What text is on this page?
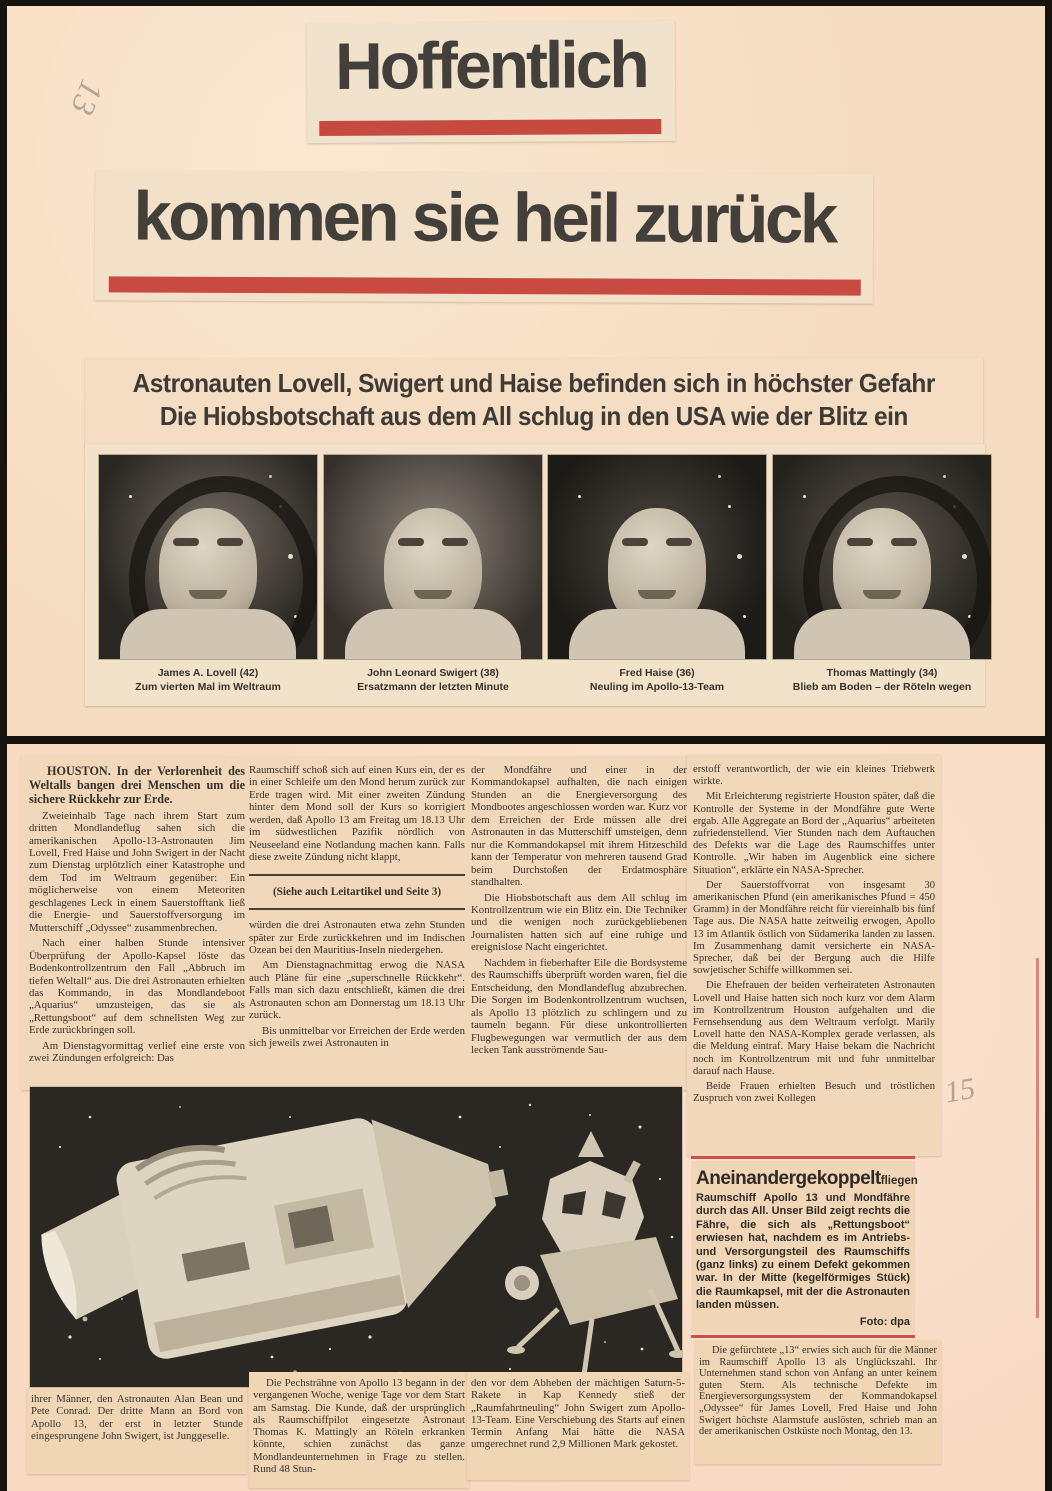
13	Hoffentlich
kommen sie heil zurück
Astronauten Lovell, Swigert und Haise befinden sich in höchster Gefahr
Die Hiobsbotschaft aus dem All schlug in den USA wie der Blitz ein
James A. Lovell (42)
Zum vierten Mal im Weltraum
John Leonard Swigert (38)
Ersatzmann der letzten Minute
Fred Haise (36)
Neuling im Apollo-13-Team
Thomas Mattingly (34)
Blieb am Boden – der Röteln wegen

HOUSTON. In der Verlorenheit des Weltalls bangen drei Menschen um die sichere Rückkehr zur Erde.

Zweieinhalb Tage nach ihrem Start zum dritten Mondlandeflug sahen sich die amerikanischen Apollo-13-Astronauten Jim Lovell, Fred Haise und John Swigert in der Nacht zum Dienstag urplötzlich einer Katastrophe und dem Tod im Weltraum gegenüber: Ein möglicherweise von einem Meteoriten geschlagenes Leck in einem Sauerstofftank ließ die Energie- und Sauerstoffversorgung im Mutterschiff „Odyssee“ zusammenbrechen.

Nach einer halben Stunde intensiver Überprüfung der Apollo-Kapsel löste das Bodenkontrollzentrum den Fall „Abbruch im tiefen Weltall“ aus. Die drei Astronauten erhielten das Kommando, in das Mondlandeboot „Aquarius“ umzusteigen, das sie als „Rettungsboot“ auf dem schnellsten Weg zur Erde zurückbringen soll.

Am Dienstagvormittag verlief eine erste von zwei Zündungen erfolgreich: Das

Raumschiff schoß sich auf einen Kurs ein, der es in einer Schleife um den Mond herum zurück zur Erde tragen wird. Mit einer zweiten Zündung hinter dem Mond soll der Kurs so korrigiert werden, daß Apollo 13 am Freitag um 18.13 Uhr im südwestlichen Pazifik nördlich von Neuseeland eine Notlandung machen kann. Falls diese zweite Zündung nicht klappt,

(Siehe auch Leitartikel und Seite 3)

würden die drei Astronauten etwa zehn Stunden später zur Erde zurückkehren und im Indischen Ozean bei den Mauritius-Inseln niedergehen.

Am Dienstagnachmittag erwog die NASA auch Pläne für eine „superschnelle Rückkehr“. Falls man sich dazu entschließt, kämen die drei Astronauten schon am Donnerstag um 18.13 Uhr zurück.

Bis unmittelbar vor Erreichen der Erde werden sich jeweils zwei Astronauten in

der Mondfähre und einer in der Kommandokapsel aufhalten, die nach einigen Stunden an die Energieversorgung des Mondbootes angeschlossen worden war. Kurz vor dem Erreichen der Erde müssen alle drei Astronauten in das Mutterschiff umsteigen, denn nur die Kommandokapsel mit ihrem Hitzeschild kann der Temperatur von mehreren tausend Grad beim Durchstoßen der Erdatmosphäre standhalten.

Die Hiobsbotschaft aus dem All schlug im Kontrollzentrum wie ein Blitz ein. Die Techniker und die wenigen noch zurückgebliebenen Journalisten hatten sich auf eine ruhige und ereignislose Nacht eingerichtet.

Nachdem in fieberhafter Eile die Bordsysteme des Raumschiffs überprüft worden waren, fiel die Entscheidung, den Mondlandeflug abzubrechen. Die Sorgen im Bodenkontrollzentrum wuchsen, als Apollo 13 plötzlich zu schlingern und zu taumeln begann. Für diese unkontrollierten Flugbewegungen war vermutlich der aus dem lecken Tank ausströmende Sau-

erstoff verantwortlich, der wie ein kleines Triebwerk wirkte.

Mit Erleichterung registrierte Houston später, daß die Kontrolle der Systeme in der Mondfähre gute Werte ergab. Alle Aggregate an Bord der „Aquarius“ arbeiteten zufriedenstellend. Vier Stunden nach dem Auftauchen des Defekts war die Lage des Raumschiffes unter Kontrolle. „Wir haben im Augenblick eine sichere Situation“, erklärte ein NASA-Sprecher.

Der Sauerstoffvorrat von insgesamt 30 amerikanischen Pfund (ein amerikanisches Pfund = 450 Gramm) in der Mondfähre reicht für viereinhalb bis fünf Tage aus. Die NASA hatte zeitweilig erwogen, Apollo 13 im Atlantik östlich von Südamerika landen zu lassen. Im Zusammenhang damit versicherte ein NASA-Sprecher, daß bei der Bergung auch die Hilfe sowjetischer Schiffe willkommen sei.

Die Ehefrauen der beiden verheirateten Astronauten Lovell und Haise hatten sich noch kurz vor dem Alarm im Kontrollzentrum Houston aufgehalten und die Fernsehsendung aus dem Weltraum verfolgt. Marily Lovell hatte den NASA-Komplex gerade verlassen, als die Meldung eintraf. Mary Haise bekam die Nachricht noch im Kontrollzentrum mit und fuhr unmittelbar darauf nach Hause.

Beide Frauen erhielten Besuch und tröstlichen Zuspruch von zwei Kollegen

Aneinandergekoppelt fliegen

Raumschiff Apollo 13 und Mondfähre durch das All. Unser Bild zeigt rechts die Fähre, die sich als „Rettungsboot“ erwiesen hat, nachdem es im Antriebs- und Versorgungsteil des Raumschiffs (ganz links) zu einem Defekt gekommen war. In der Mitte (kegelförmiges Stück) die Raumkapsel, mit der die Astronauten landen müssen.

Foto: dpa

ihrer Männer, den Astronauten Alan Bean und Pete Conrad. Der dritte Mann an Bord von Apollo 13, der erst in letzter Stunde eingesprungene John Swigert, ist Junggeselle.

Die Pechsträhne von Apollo 13 begann in der vergangenen Woche, wenige Tage vor dem Start am Samstag. Die Kunde, daß der ursprünglich als Raumschiffpilot eingesetzte Astronaut Thomas K. Mattingly an Röteln erkranken könnte, schien zunächst das ganze Mondlandeunternehmen in Frage zu stellen. Rund 48 Stun-

den vor dem Abheben der mächtigen Saturn-5-Rakete in Kap Kennedy stieß der „Raumfahrtneuling“ John Swigert zum Apollo-13-Team. Eine Verschiebung des Starts auf einen Termin Anfang Mai hätte die NASA umgerechnet rund 2,9 Millionen Mark gekostet.

Die gefürchtete „13“ erwies sich auch für die Männer im Raumschiff Apollo 13 als Unglückszahl. Ihr Unternehmen stand schon von Anfang an unter keinem guten Stern. Als technische Defekte im Energieversorgungssystem der Kommandokapsel „Odyssee“ für James Lovell, Fred Haise und John Swigert höchste Alarmstufe auslösten, schrieb man an der amerikanischen Ostküste noch Montag, den 13.

15
